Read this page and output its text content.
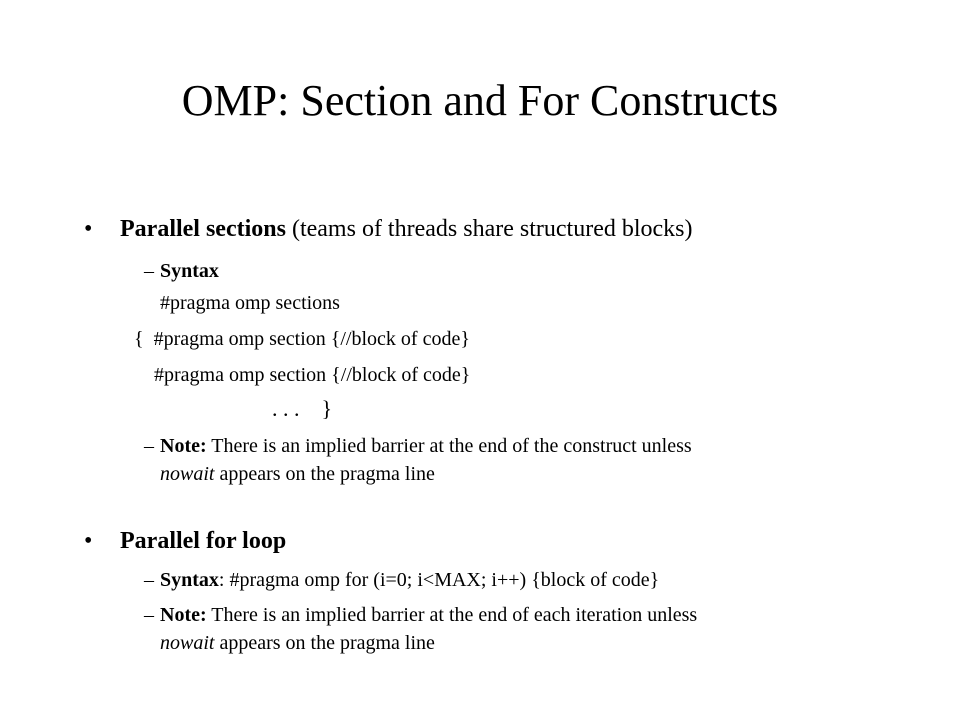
OMP: Section and For Constructs
•	Parallel sections (teams of threads share structured blocks)
– Syntax
#pragma omp sections
{  #pragma omp section {//block of code}
#pragma omp section {//block of code}
. . .    }
– Note: There is an implied barrier at the end of the construct unless
nowait appears on the pragma line
•	Parallel for loop
– Syntax: #pragma omp for (i=0; i<MAX; i++) {block of code}
– Note: There is an implied barrier at the end of each iteration unless
nowait appears on the pragma line
